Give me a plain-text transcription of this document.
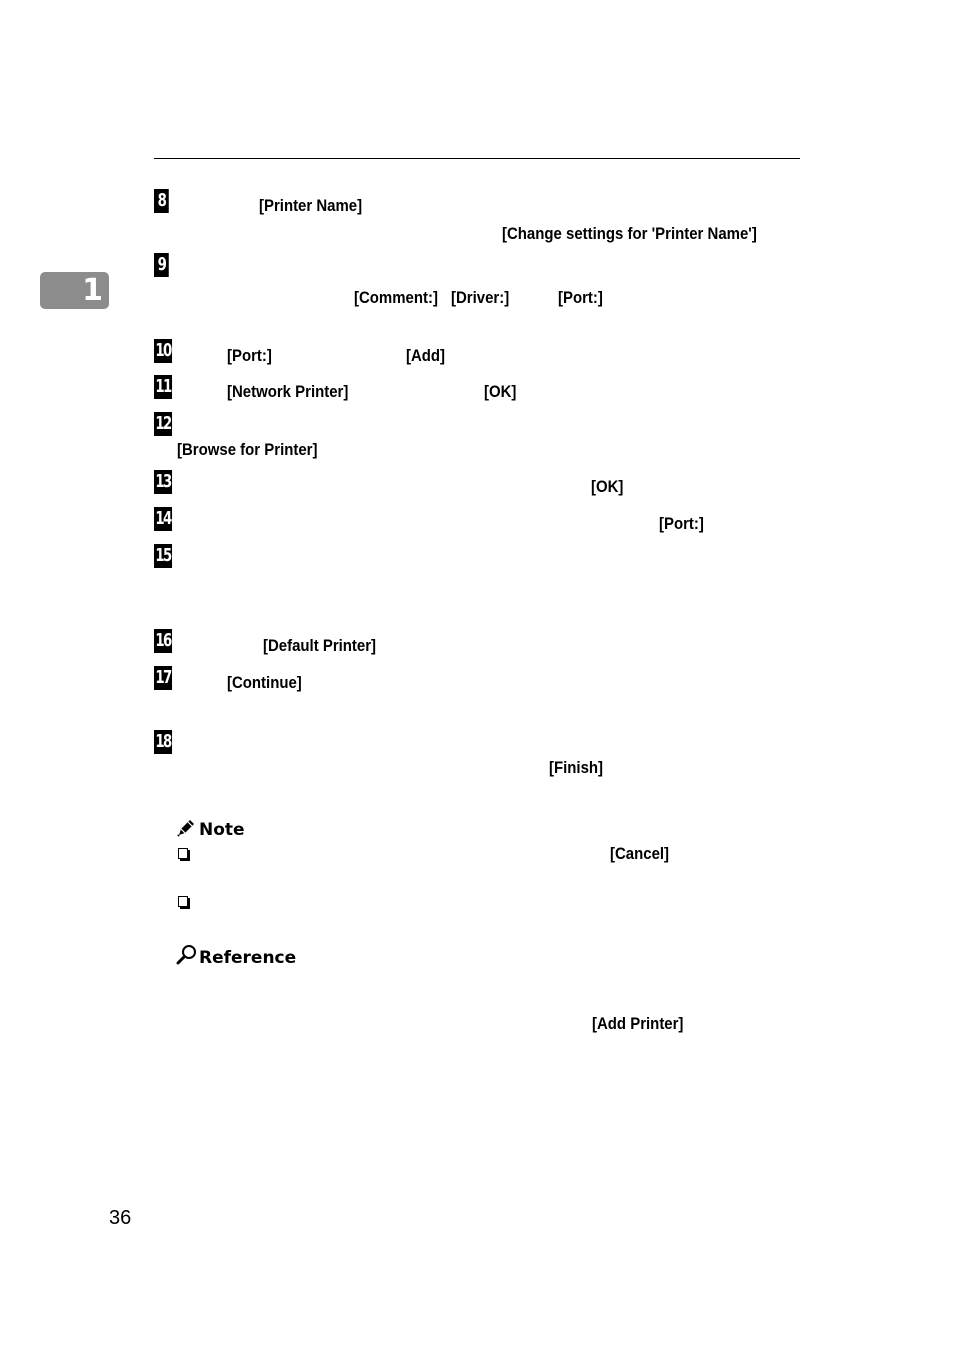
1
8	[Printer Name]
[Change settings for 'Printer Name']
9
[Comment:] [Driver:]	[Port:]
10	[Port:]	[Add]
11	[Network Printer]	[OK]
12
[Browse for Printer]
13	[OK]
14	[Port:]
15
16	[Default Printer]
17	[Continue]
18
[Finish]
Note
[Cancel]
Reference
[Add Printer]
36
